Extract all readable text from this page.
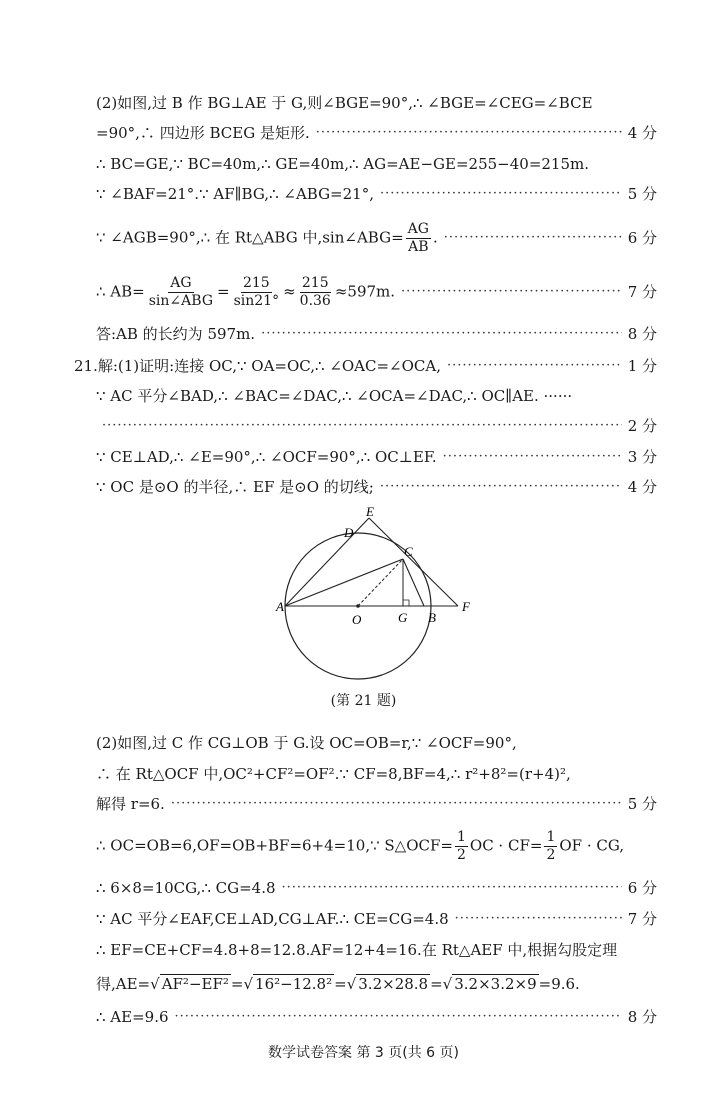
(2)如图,过 B 作 BG⊥AE 于 G,则∠BGE=90°,∴ ∠BGE=∠CEG=∠BCE
=90°,∴ 四边形 BCEG 是矩形. ·····	4 分
∴ BC=GE,∵ BC=40m,∴ GE=40m,∴ AG=AE−GE=255−40=215m.
∵ ∠BAF=21°.∵ AF∥BG,∴ ∠ABG=21°, ·····	5 分
∵ ∠AGB=90°,∴ 在 Rt△ABG 中,sin∠ABG= $\frac{AG}{AB}$ . ·····	6 分
∴ $AB= \frac{AG}{\text{sin∠ABG}} = \frac{215}{\sin 21^\circ} \approx \frac{215}{0.36} \approx 597m$. ·····	7 分
答:AB 的长约为 597m. ·····	8 分
21.解:(1)证明:连接 OC,∵ OA=OC,∴ ∠OAC=∠OCA, ·····	1 分
∵ AC 平分∠BAD,∴ ∠BAC=∠DAC,∴ ∠OCA=∠DAC,∴ OC∥AE. ······
·····
2 分
∵ CE⊥AD,∴ ∠E=90°,∴ ∠OCF=90°,∴ OC⊥EF. ·····	3 分
∵ OC 是⊙O 的半径,∴ EF 是⊙O 的切线; ·····	4 分
A
B
C
D
E
F
G
O
(第 21 题)
(2)如图,过 C 作 CG⊥OB 于 G.设 OC=OB=r,∵ ∠OCF=90°,
∴ 在 Rt△OCF 中,OC²+CF²=OF².∵ CF=8,BF=4,∴ r²+8²=(r+4)²,
解得 r=6. ·····	5 分
∴ OC=OB=6,OF=OB+BF=6+4=10,∵ S△OCF= $\frac{1}{2}$ OC · $CF= \frac{1}{2}$ OF · CG,
∴ 6×8=10CG,∴ CG=4.8 ·····	6 分
∵ AC 平分∠EAF,CE⊥AD,CG⊥AF.∴ CE=CG=4.8 ·····	7 分
∴ EF=CE+CF=4.8+8=12.8.AF=12+4=16.在 Rt△AEF 中,根据勾股定理
得,AE=√ AF²−EF² =√ 16²−12.8² =√ 3.2×28.8 =√ 3.2×3.2×9 =9.6.
∴ AE=9.6 ·····	8 分
数学试卷答案 第 3 页(共 6 页)
